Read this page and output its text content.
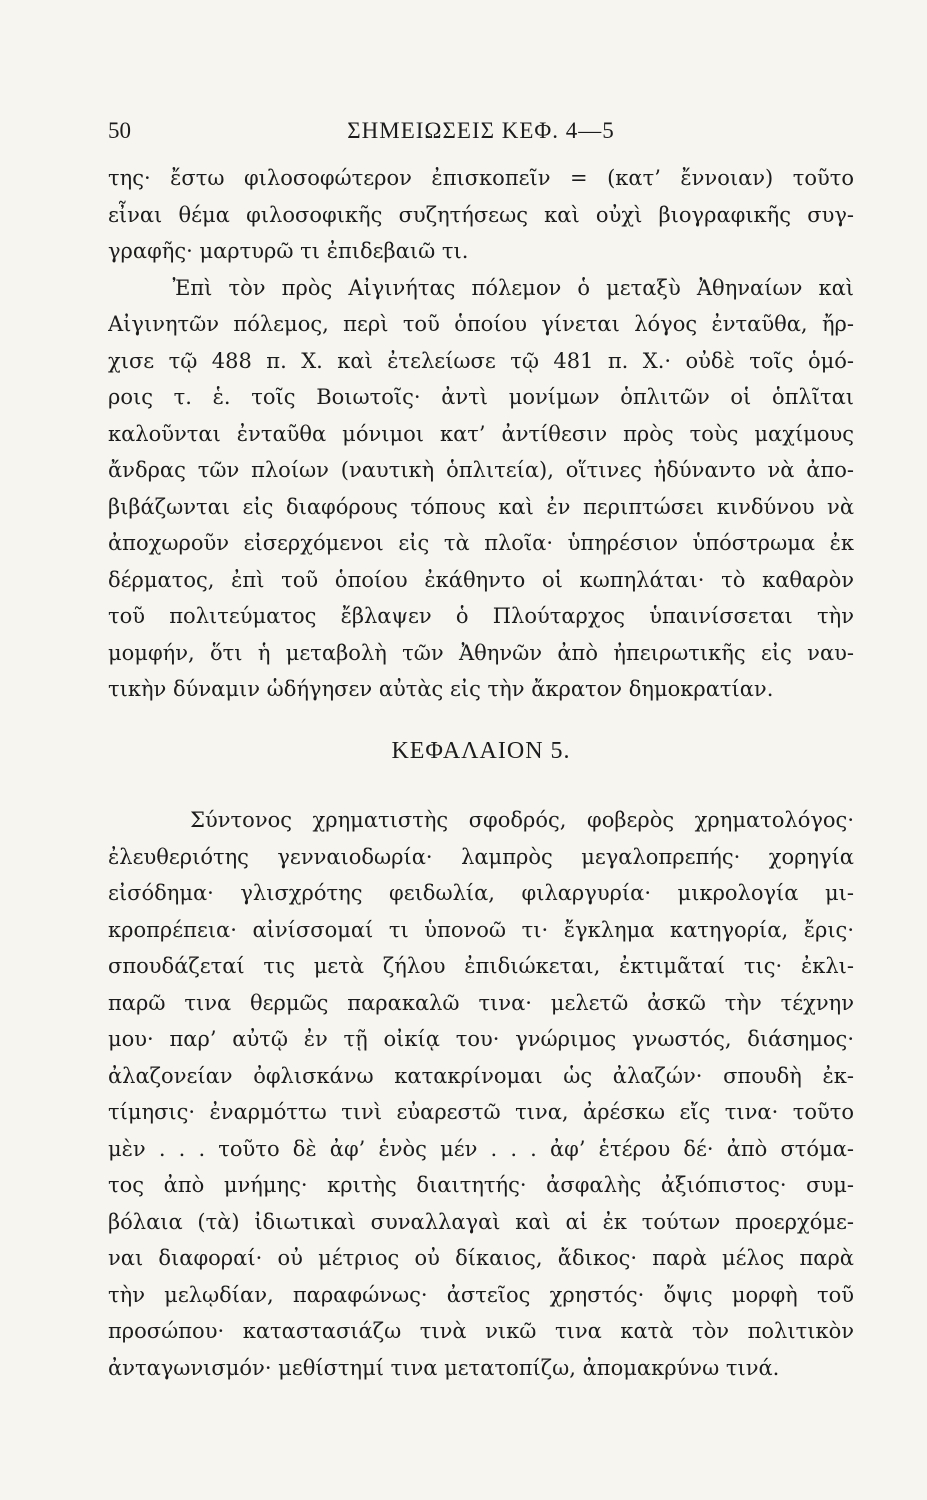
50	ΣΗΜΕΙΩΣΕΙΣ ΚΕΦ. 4—5
της· ἔστω φιλοσοφώτερον ἐπισκοπεῖν = (κατ’ ἔννοιαν) τοῦτο
εἶναι θέμα φιλοσοφικῆς συζητήσεως καὶ οὐχὶ βιογραφικῆς συγ-
γραφῆς· μαρτυρῶ τι ἐπιδεβαιῶ τι.
Ἐπὶ τὸν πρὸς Αἰγινήτας πόλεμον ὁ μεταξὺ Ἀθηναίων καὶ
Αἰγινητῶν πόλεμος, περὶ τοῦ ὁποίου γίνεται λόγος ἐνταῦθα, ἤρ-
χισε τῷ 488 π. Χ. καὶ ἐτελείωσε τῷ 481 π. Χ.· οὐδὲ τοῖς ὁμό-
ροις τ. ἑ. τοῖς Βοιωτοῖς· ἀντὶ μονίμων ὁπλιτῶν οἱ ὁπλῖται
καλοῦνται ἐνταῦθα μόνιμοι κατ’ ἀντίθεσιν πρὸς τοὺς μαχίμους
ἄνδρας τῶν πλοίων (ναυτικὴ ὁπλιτεία), οἵτινες ἠδύναντο νὰ ἀπο-
βιβάζωνται εἰς διαφόρους τόπους καὶ ἐν περιπτώσει κινδύνου νὰ
ἀποχωροῦν εἰσερχόμενοι εἰς τὰ πλοῖα· ὑπηρέσιον ὑπόστρωμα ἐκ
δέρματος, ἐπὶ τοῦ ὁποίου ἐκάθηντο οἱ κωπηλάται· τὸ καθαρὸν
τοῦ πολιτεύματος ἔβλαψεν ὁ Πλούταρχος ὑπαινίσσεται τὴν
μομφήν, ὅτι ἡ μεταβολὴ τῶν Ἀθηνῶν ἀπὸ ἠπειρωτικῆς εἰς ναυ-
τικὴν δύναμιν ὡδήγησεν αὐτὰς εἰς τὴν ἄκρατον δημοκρατίαν.
ΚΕΦΑΛΑΙΟΝ 5.
Σύντονος χρηματιστὴς σφοδρός, φοβερὸς χρηματολόγος·
ἐλευθεριότης γενναιοδωρία· λαμπρὸς μεγαλοπρεπής· χορηγία
εἰσόδημα· γλισχρότης φειδωλία, φιλαργυρία· μικρολογία μι-
κροπρέπεια· αἰνίσσομαί τι ὑπονοῶ τι· ἔγκλημα κατηγορία, ἔρις·
σπουδάζεταί τις μετὰ ζήλου ἐπιδιώκεται, ἐκτιμᾶταί τις· ἐκλι-
παρῶ τινα θερμῶς παρακαλῶ τινα· μελετῶ ἀσκῶ τὴν τέχνην
μου· παρ’ αὐτῷ ἐν τῇ οἰκίᾳ του· γνώριμος γνωστός, διάσημος·
ἀλαζονείαν ὀφλισκάνω κατακρίνομαι ὡς ἀλαζών· σπουδὴ ἐκ-
τίμησις· ἐναρμόττω τινὶ εὐαρεστῶ τινα, ἀρέσκω εἴς τινα· τοῦτο
μὲν . . . τοῦτο δὲ ἀφ’ ἑνὸς μέν . . . ἀφ’ ἑτέρου δέ· ἀπὸ στόμα-
τος ἀπὸ μνήμης· κριτὴς διαιτητής· ἀσφαλὴς ἀξιόπιστος· συμ-
βόλαια (τὰ) ἰδιωτικαὶ συναλλαγαὶ καὶ αἱ ἐκ τούτων προερχόμε-
ναι διαφοραί· οὐ μέτριος οὐ δίκαιος, ἄδικος· παρὰ μέλος παρὰ
τὴν μελῳδίαν, παραφώνως· ἀστεῖος χρηστός· ὄψις μορφὴ τοῦ
προσώπου· καταστασιάζω τινὰ νικῶ τινα κατὰ τὸν πολιτικὸν
ἀνταγωνισμόν· μεθίστημί τινα μετατοπίζω, ἀπομακρύνω τινά.
